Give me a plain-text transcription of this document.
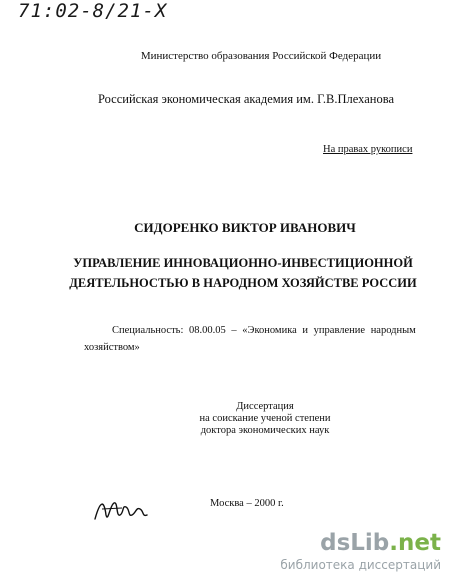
71:02-8/21-Х
Министерство образования Российской Федерации
Российская экономическая академия им. Г.В.Плеханова
На правах рукописи
СИДОРЕНКО ВИКТОР ИВАНОВИЧ
УПРАВЛЕНИЕ ИННОВАЦИОННО-ИНВЕСТИЦИОННОЙ
ДЕЯТЕЛЬНОСТЬЮ В НАРОДНОМ ХОЗЯЙСТВЕ РОССИИ
Специальность: 08.00.05 – «Экономика и управление народным
хозяйством»
Диссертация
на соискание ученой степени
доктора экономических наук
Москва – 2000 г.
dsLib.net
библиотека диссертаций
